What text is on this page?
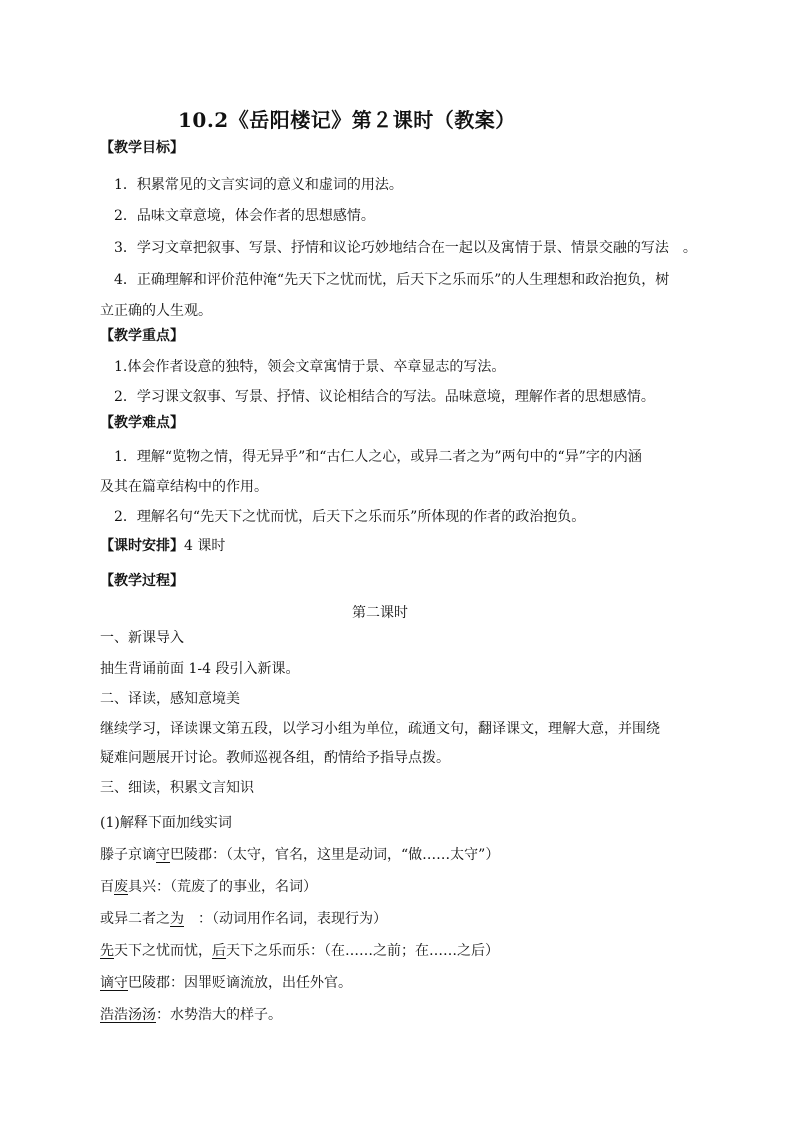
10.2《岳阳楼记》第２课时（教案）
【教学目标】
1．积累常见的文言实词的意义和虚词的用法。
2．品味文章意境，体会作者的思想感情。
3．学习文章把叙事、写景、抒情和议论巧妙地结合在一起以及寓情于景、情景交融的写法　。
4．正确理解和评价范仲淹“先天下之忧而忧，后天下之乐而乐”的人生理想和政治抱负，树
立正确的人生观。
【教学重点】
1.体会作者设意的独特，领会文章寓情于景、卒章显志的写法。
2．学习课文叙事、写景、抒情、议论相结合的写法。品味意境，理解作者的思想感情。
【教学难点】
1．理解“览物之情，得无异乎”和“古仁人之心，或异二者之为”两句中的“异”字的内涵
及其在篇章结构中的作用。
2．理解名句“先天下之忧而忧，后天下之乐而乐”所体现的作者的政治抱负。
【课时安排】4 课时
【教学过程】
第二课时
一、新课导入
抽生背诵前面 1-4 段引入新课。
二、译读，感知意境美
继续学习，译读课文第五段，以学习小组为单位，疏通文句，翻译课文，理解大意，并围绕
疑难问题展开讨论。教师巡视各组，酌情给予指导点拨。
三、细读，积累文言知识
(1)解释下面加线实词
滕子京谪守巴陵郡：（太守，官名，这里是动词，“做……太守”）
百废具兴：（荒废了的事业，名词）
或异二者之为　：（动词用作名词，表现行为）
先天下之忧而忧，后天下之乐而乐：（在……之前；在……之后）
谪守巴陵郡：因罪贬谪流放，出任外官。
浩浩汤汤：水势浩大的样子。
